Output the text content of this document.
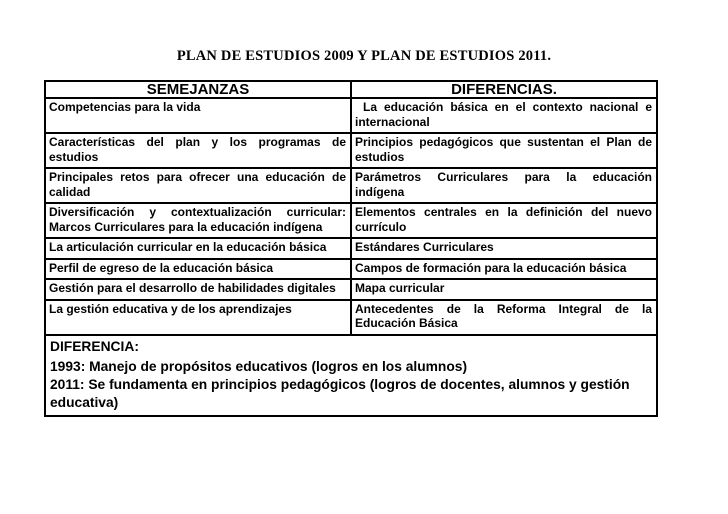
PLAN DE ESTUDIOS 2009 Y PLAN DE ESTUDIOS 2011.
SEMEJANZAS	DIFERENCIAS.
Competencias para la vida	La educación básica en el contexto nacional e internacional
Características del plan y los programas de estudios	Principios pedagógicos que sustentan el Plan de estudios
Principales retos para ofrecer una educación de calidad	Parámetros Curriculares para la educación indígena
Diversificación y contextualización curricular: Marcos Curriculares para la educación indígena	Elementos centrales en la definición del nuevo currículo
La articulación curricular en la educación básica	Estándares Curriculares
Perfil de egreso de la educación básica	Campos de formación para la educación básica
Gestión para el desarrollo de habilidades digitales	Mapa curricular
La gestión educativa y de los aprendizajes	Antecedentes de la Reforma Integral de la Educación Básica

DIFERENCIA:
1993: Manejo de propósitos educativos (logros en los alumnos)
2011: Se fundamenta en principios pedagógicos (logros de docentes, alumnos y gestión educativa)	
